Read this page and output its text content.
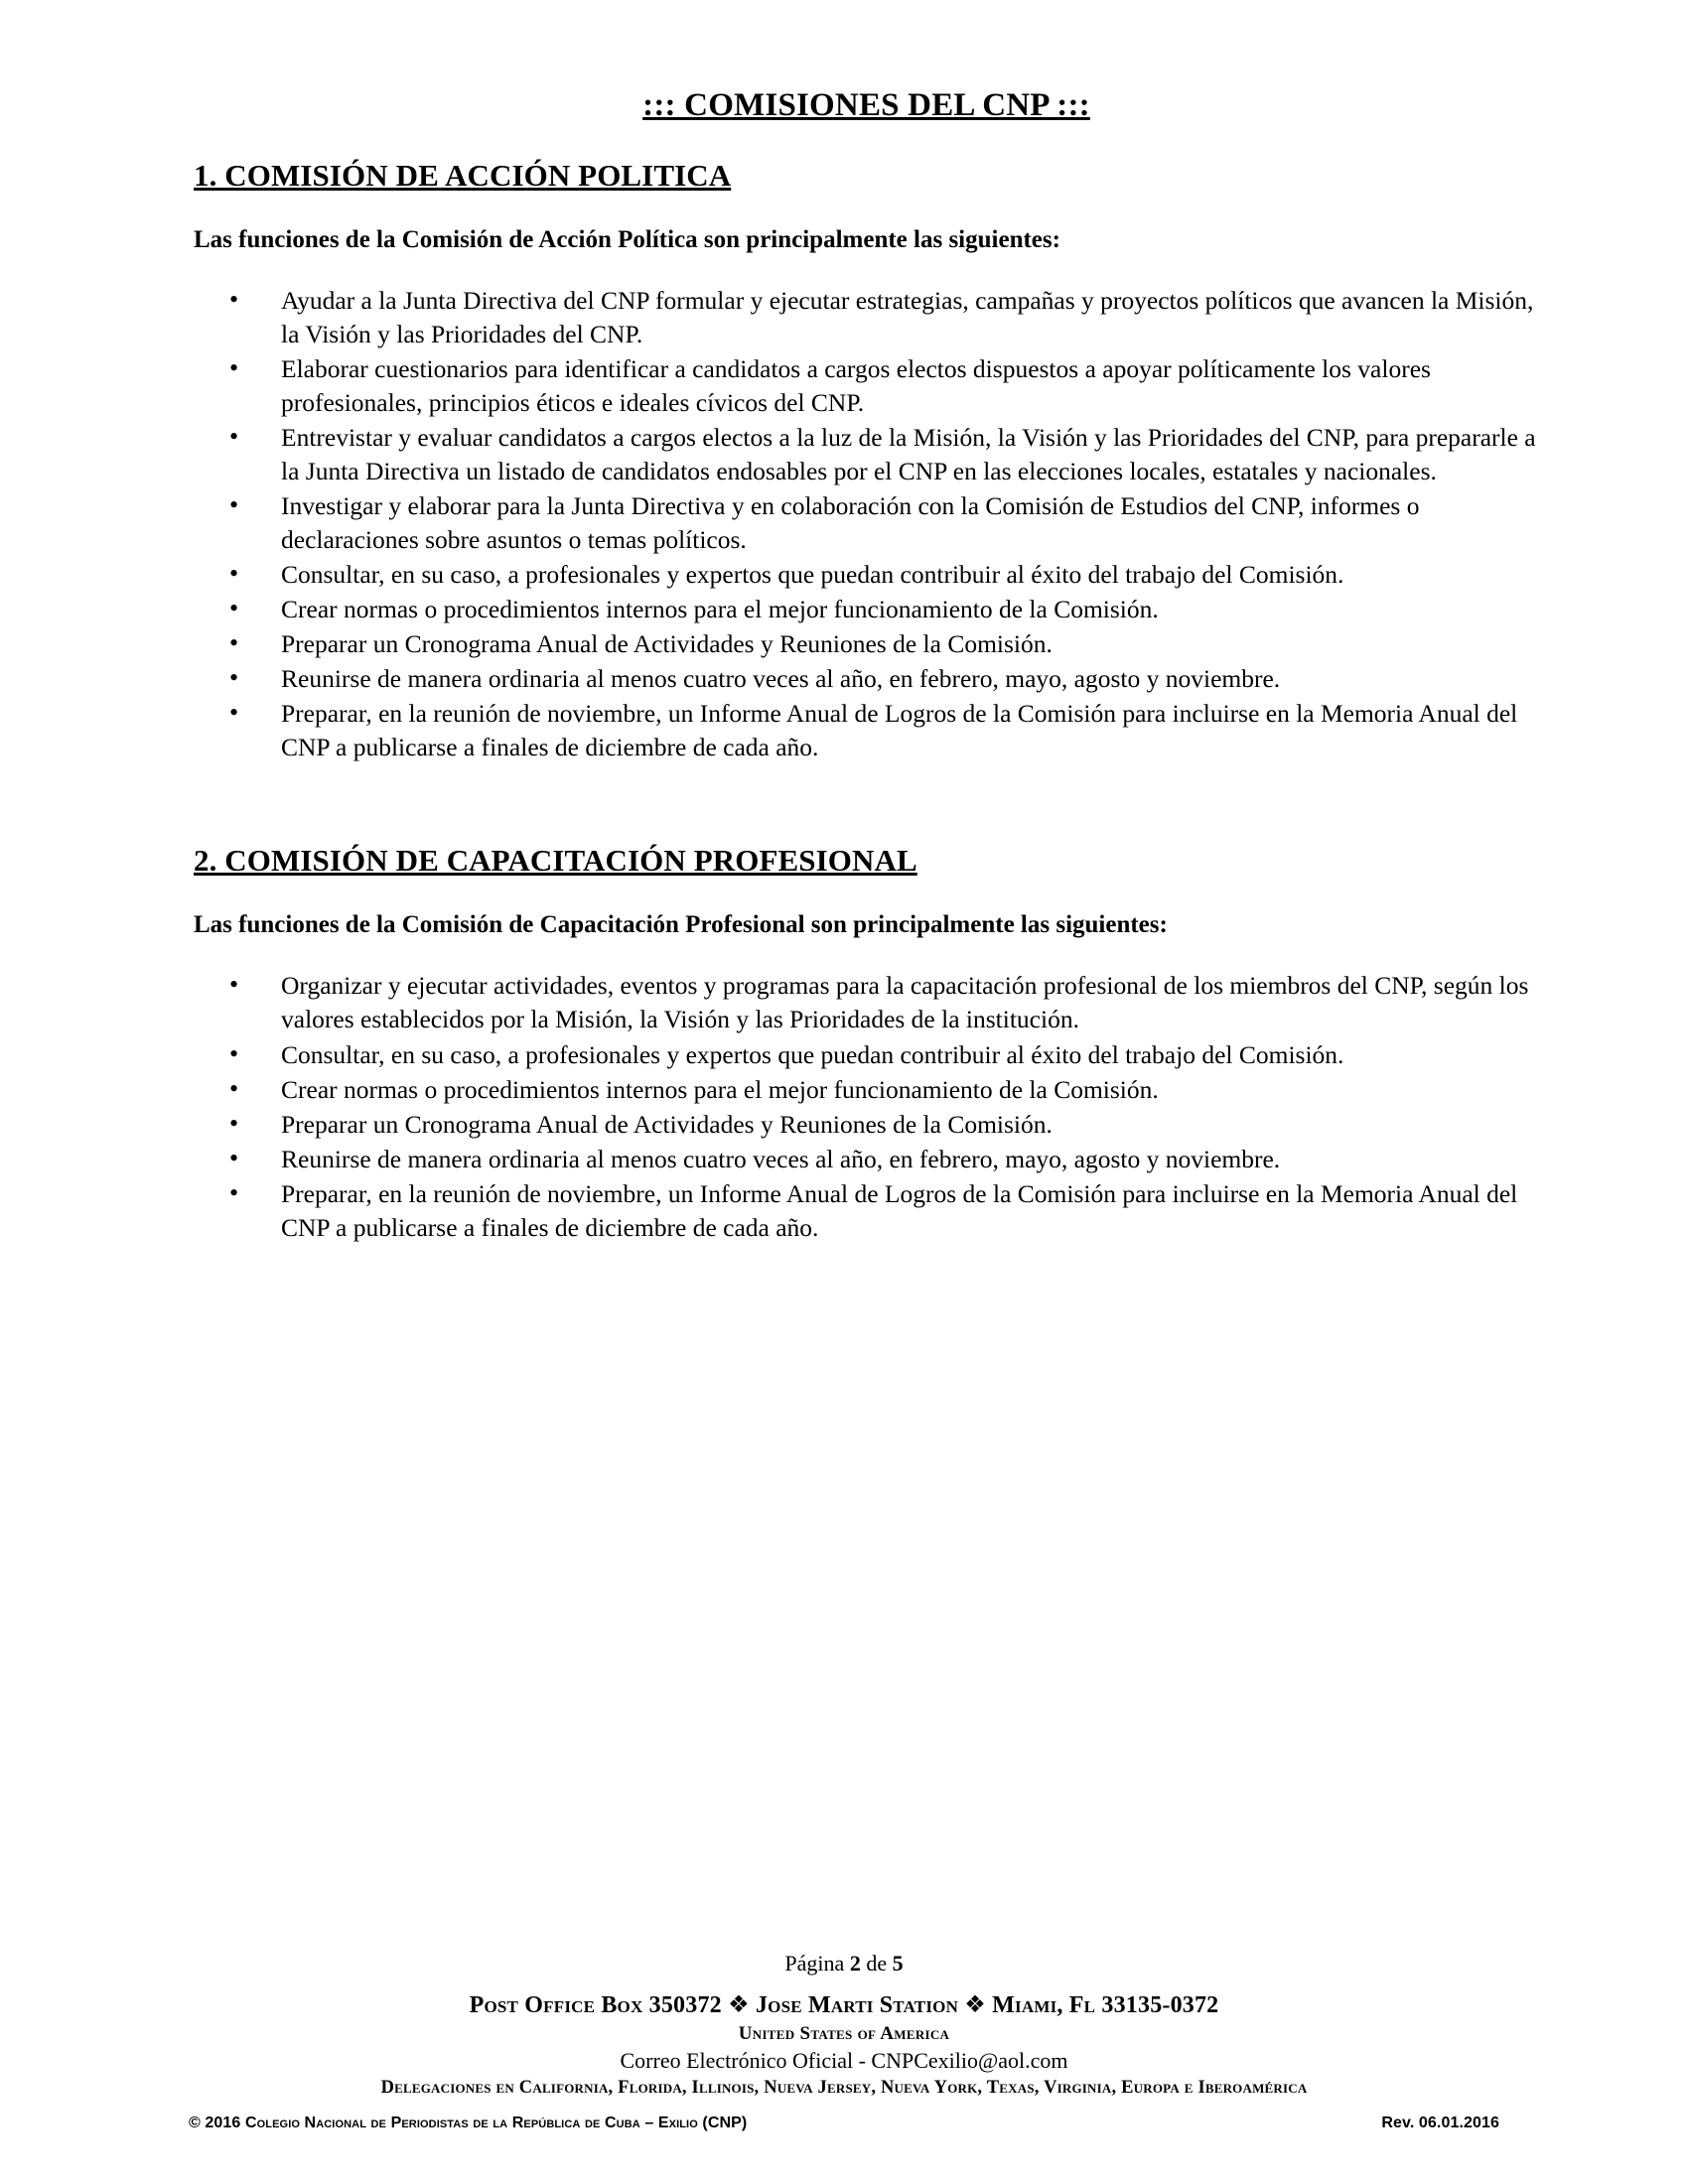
::: COMISIONES DEL CNP :::
1. COMISIÓN DE ACCIÓN POLITICA

Las funciones de la Comisión de Acción Política son principalmente las siguientes:

• Ayudar a la Junta Directiva del CNP formular y ejecutar estrategias, campañas y proyectos políticos que avancen la Misión, la Visión y las Prioridades del CNP.
• Elaborar cuestionarios para identificar a candidatos a cargos electos dispuestos a apoyar políticamente los valores profesionales, principios éticos e ideales cívicos del CNP.
• Entrevistar y evaluar candidatos a cargos electos a la luz de la Misión, la Visión y las Prioridades del CNP, para prepararle a la Junta Directiva un listado de candidatos endosables por el CNP en las elecciones locales, estatales y nacionales.
• Investigar y elaborar para la Junta Directiva y en colaboración con la Comisión de Estudios del CNP, informes o declaraciones sobre asuntos o temas políticos.
• Consultar, en su caso, a profesionales y expertos que puedan contribuir al éxito del trabajo del Comisión.
• Crear normas o procedimientos internos para el mejor funcionamiento de la Comisión.
• Preparar un Cronograma Anual de Actividades y Reuniones de la Comisión.
• Reunirse de manera ordinaria al menos cuatro veces al año, en febrero, mayo, agosto y noviembre.
• Preparar, en la reunión de noviembre, un Informe Anual de Logros de la Comisión para incluirse en la Memoria Anual del CNP a publicarse a finales de diciembre de cada año.
2. COMISIÓN DE CAPACITACIÓN PROFESIONAL

Las funciones de la Comisión de Capacitación Profesional son principalmente las siguientes:

• Organizar y ejecutar actividades, eventos y programas para la capacitación profesional de los miembros del CNP, según los valores establecidos por la Misión, la Visión y las Prioridades de la institución.
• Consultar, en su caso, a profesionales y expertos que puedan contribuir al éxito del trabajo del Comisión.
• Crear normas o procedimientos internos para el mejor funcionamiento de la Comisión.
• Preparar un Cronograma Anual de Actividades y Reuniones de la Comisión.
• Reunirse de manera ordinaria al menos cuatro veces al año, en febrero, mayo, agosto y noviembre.
• Preparar, en la reunión de noviembre, un Informe Anual de Logros de la Comisión para incluirse en la Memoria Anual del CNP a publicarse a finales de diciembre de cada año.
Página 2 de 5
Post Office Box 350372 ❖ Jose Marti Station ❖ Miami, Fl 33135-0372
United States of America
Correo Electrónico Oficial - CNPCexilio@aol.com
Delegaciones en California, Florida, Illinois, Nueva Jersey, Nueva York, Texas, Virginia, Europa e Iberoamérica
© 2016 Colegio Nacional de Periodistas de la República de Cuba – Exilio (CNP)	Rev. 06.01.2016
